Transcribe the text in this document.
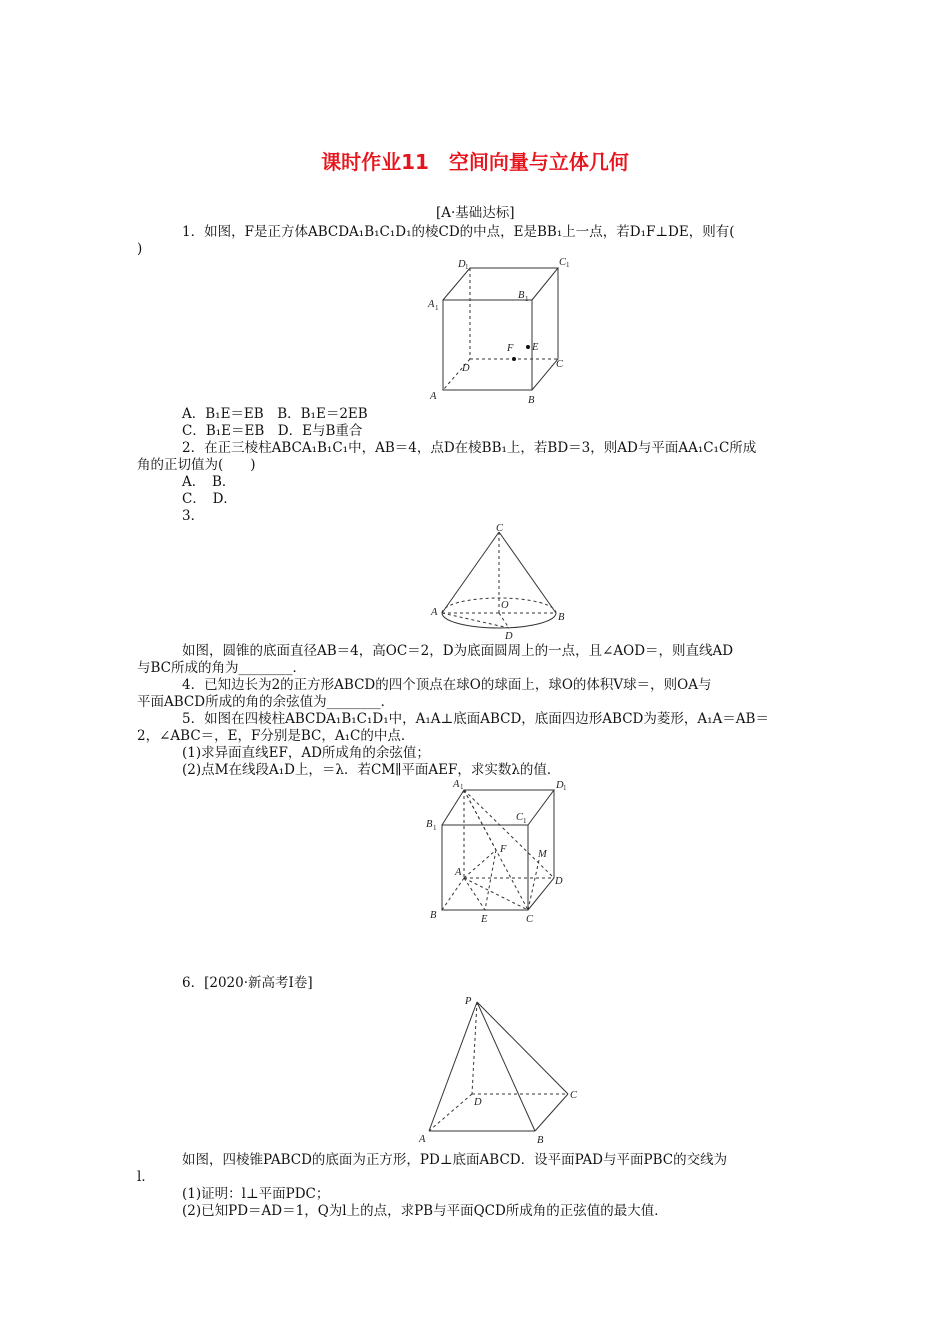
课时作业11　空间向量与立体几何
[A·基础达标]
1．如图，F是正方体ABCDA₁B₁C₁D₁的棱CD的中点，E是BB₁上一点，若D₁F⊥DE，则有(
)
D 1	C 1
A 1
B 1
F E
D	C
A	B
A．B₁E＝EB　B．B₁E＝2EB
C．B₁E＝EB　D．E与B重合
2．在正三棱柱ABCA₁B₁C₁中，AB＝4，点D在棱BB₁上，若BD＝3，则AD与平面AA₁C₁C所成
角的正切值为(　　)
A．　B．
C．　D．
3．
C
A
O
B
D
如图，圆锥的底面直径AB＝4，高OC＝2，D为底面圆周上的一点，且∠AOD＝，则直线AD
与BC所成的角为________．
4．已知边长为2的正方形ABCD的四个顶点在球O的球面上，球O的体积V球＝，则OA与
平面ABCD所成的角的余弦值为________．
5．如图在四棱柱ABCDA₁B₁C₁D₁中，A₁A⊥底面ABCD，底面四边形ABCD为菱形，A₁A＝AB＝
2，∠ABC＝，E，F分别是BC，A₁C的中点．
(1)求异面直线EF，AD所成角的余弦值；
(2)点M在线段A₁D上，＝λ．若CM∥平面AEF，求实数λ的值．
A 1	D 1
B 1
C 1
F	M
A
D
B	E	C
6．[2020·新高考Ⅰ卷]
P
D
C
A	B
如图，四棱锥PABCD的底面为正方形，PD⊥底面ABCD．设平面PAD与平面PBC的交线为
l．
(1)证明：l⊥平面PDC；
(2)已知PD＝AD＝1，Q为l上的点，求PB与平面QCD所成角的正弦值的最大值．
